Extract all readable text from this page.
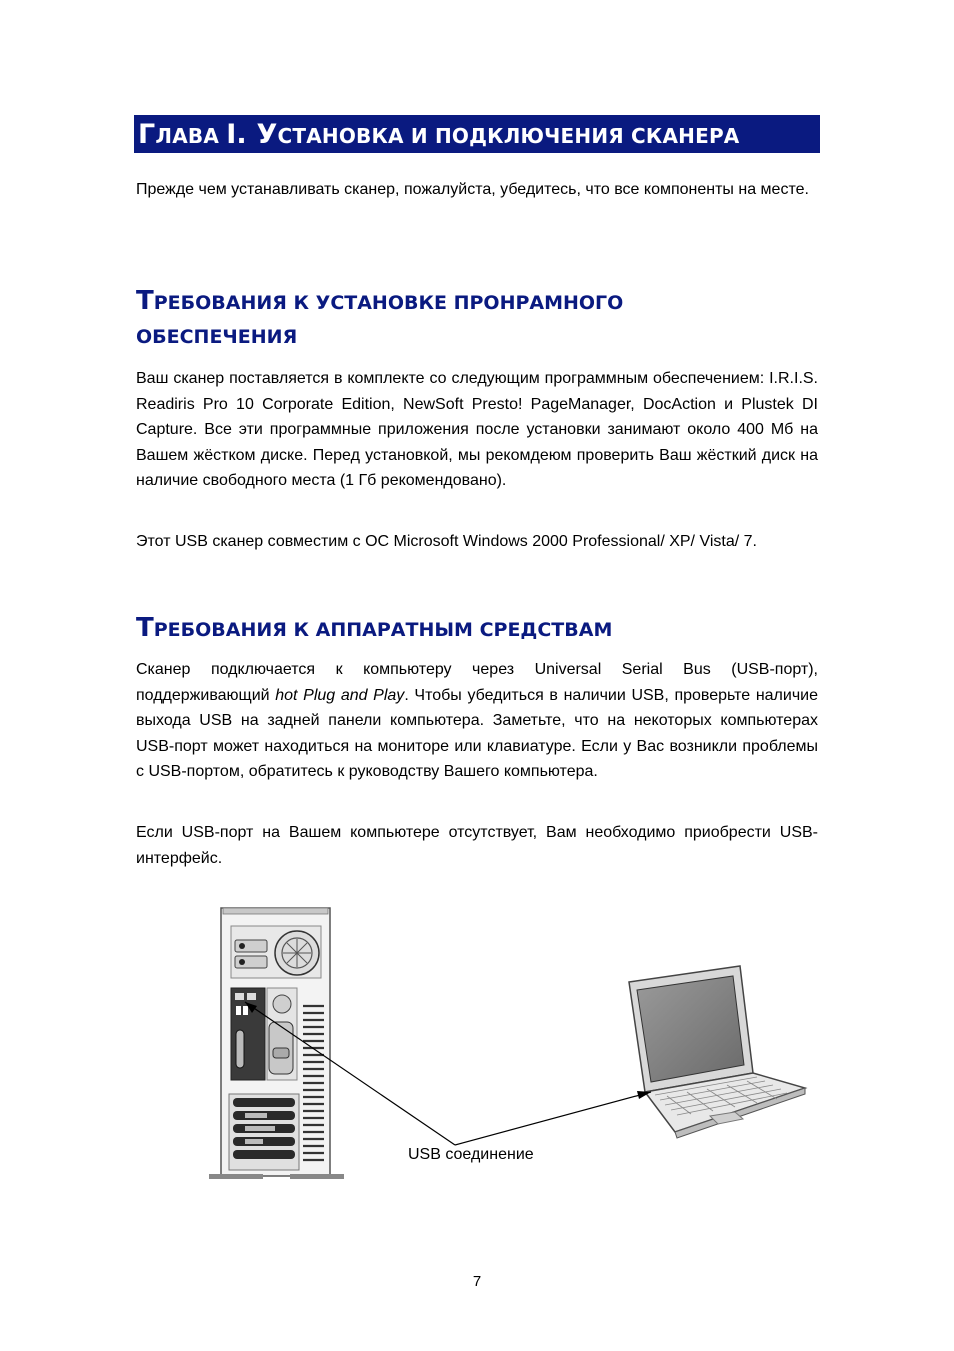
ГЛАВА I. УСТАНОВКА И ПОДКЛЮЧЕНИЯ СКАНЕРА

Прежде чем устанавливать сканер, пожалуйста, убедитесь, что все компоненты на месте.

ТРЕБОВАНИЯ К УСТАНОВКЕ ПРОНРАМНОГО
ОБЕСПЕЧЕНИЯ

Ваш сканер поставляется в комплекте со следующим программным обеспечением: I.R.I.S. Readiris Pro 10 Corporate Edition, NewSoft Presto! PageManager, DocAction и Plustek DI Capture. Все эти программные приложения после установки занимают около 400 Мб на Вашем жёстком диске. Перед установкой, мы рекомдеюм проверить Ваш жёсткий диск на наличие свободного места (1 Гб рекомендовано).

Этот USB сканер совместим с ОС Microsoft Windows 2000 Professional/ XP/ Vista/ 7.

ТРЕБОВАНИЯ К АППАРАТНЫМ СРЕДСТВАМ

Сканер подключается к компьютеру через Universal Serial Bus (USB-порт), поддерживающий hot Plug and Play. Чтобы убедиться в наличии USB, проверьте наличие выхода USB на задней панели компьютера. Заметьте, что на некоторых компьютерах USB-порт может находиться на мониторе или клавиатуре. Если у Вас возникли проблемы с USB-портом, обратитесь к руководству Вашего компьютера.

Если USB-порт на Вашем компьютере отсутствует, Вам необходимо приобрести USB-интерфейс.

USB соединение
7
